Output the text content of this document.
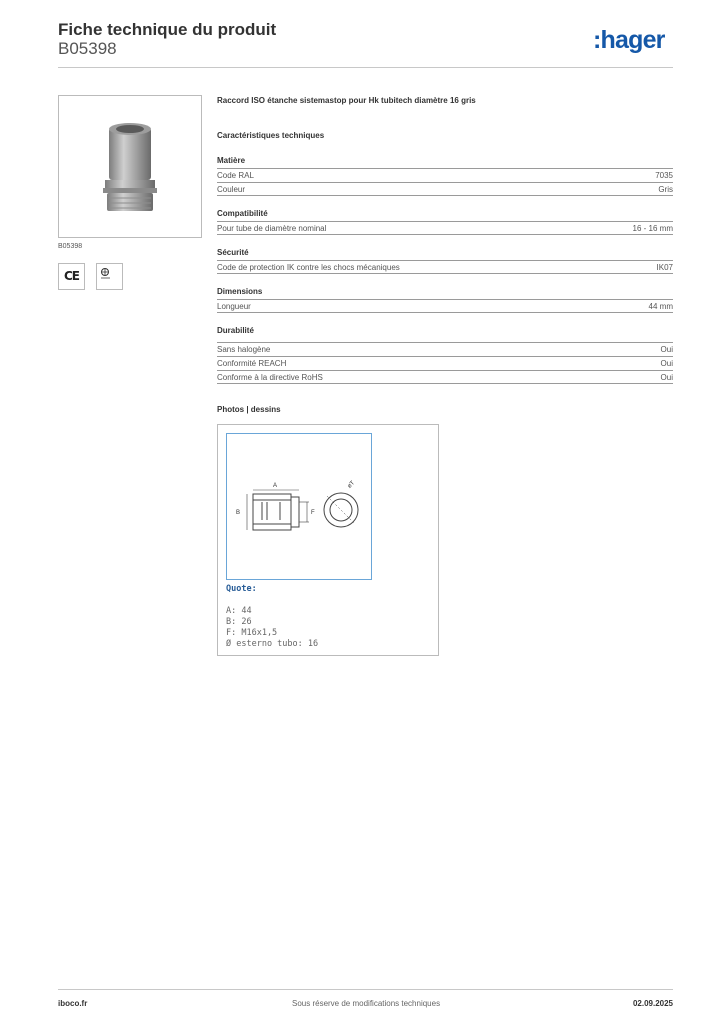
Fiche technique du produit
B05398	:hager
B05398
CE
Raccord ISO étanche sistemastop pour Hk tubitech diamètre 16 gris
Caractéristiques techniques
Matière
Code RAL	7035
Couleur	Gris
Compatibilité
Pour tube de diamètre nominal	16 - 16 mm
Sécurité
Code de protection IK contre les chocs mécaniques	IK07
Dimensions
Longueur	44 mm
Durabilité
Sans halogène	Oui
Conformité REACH	Oui
Conforme à la directive RoHS	Oui
Photos | dessins
A
B	F
øT
Quote:
A: 44
B: 26
F: M16x1,5
Ø esterno tubo: 16
iboco.fr	Sous réserve de modifications techniques	02.09.2025
